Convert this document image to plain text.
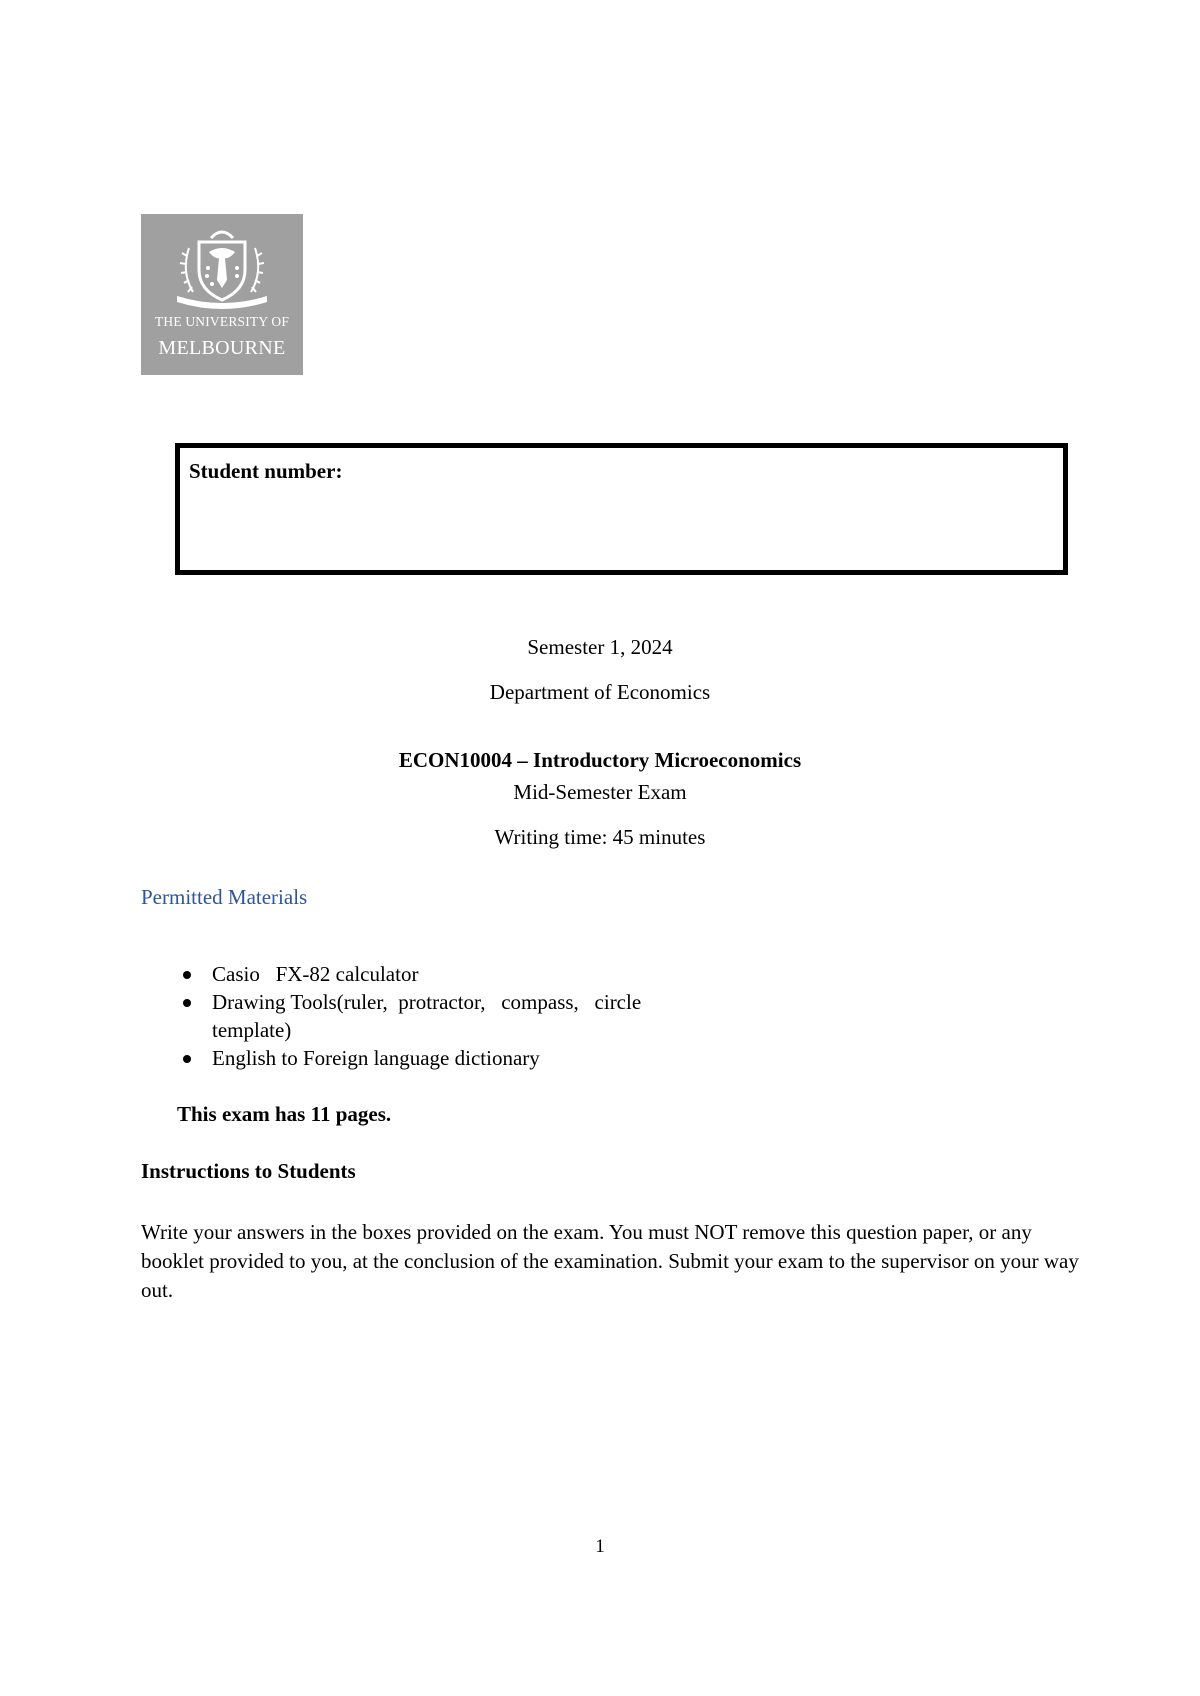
THE UNIVERSITY OF
MELBOURNE
Student number:
Semester 1, 2024
Department of Economics
ECON10004 – Introductory Microeconomics
Mid-Semester Exam
Writing time: 45 minutes
Permitted Materials
Casio   FX-82 calculator
Drawing Tools(ruler,  protractor,   compass,   circle template)
English to Foreign language dictionary
This exam has 11 pages.
Instructions to Students
Write your answers in the boxes provided on the exam. You must NOT remove this question paper, or any booklet provided to you, at the conclusion of the examination. Submit your exam to the supervisor on your way out.
1
